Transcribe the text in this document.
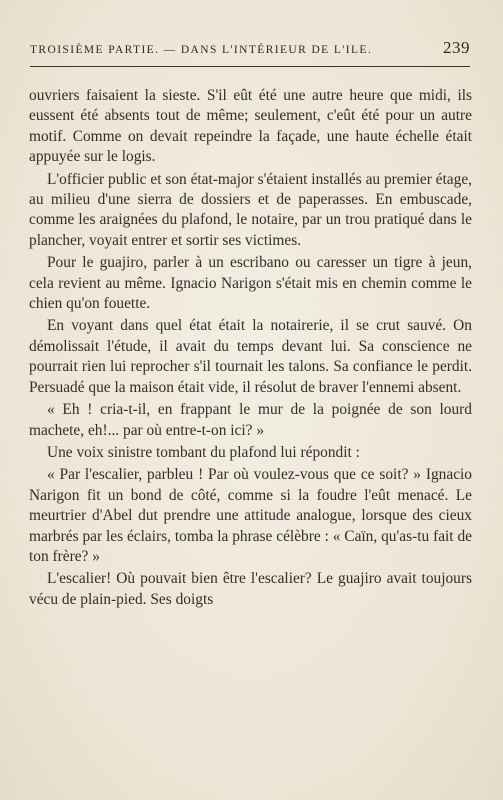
TROISIÈME PARTIE. — DANS L'INTÉRIEUR DE L'ILE.	239

ouvriers faisaient la sieste. S'il eût été une autre heure que midi, ils eussent été absents tout de même; seulement, c'eût été pour un autre motif. Comme on devait repeindre la façade, une haute échelle était appuyée sur le logis.

L'officier public et son état-major s'étaient installés au premier étage, au milieu d'une sierra de dossiers et de paperasses. En embuscade, comme les araignées du plafond, le notaire, par un trou pratiqué dans le plancher, voyait entrer et sortir ses victimes.

Pour le guajiro, parler à un escribano ou caresser un tigre à jeun, cela revient au même. Ignacio Narigon s'était mis en chemin comme le chien qu'on fouette.

En voyant dans quel état était la notairerie, il se crut sauvé. On démolissait l'étude, il avait du temps devant lui. Sa conscience ne pourrait rien lui reprocher s'il tournait les talons. Sa confiance le perdit. Persuadé que la maison était vide, il résolut de braver l'ennemi absent.

« Eh ! cria-t-il, en frappant le mur de la poignée de son lourd machete, eh!... par où entre-t-on ici? »

Une voix sinistre tombant du plafond lui répondit :

« Par l'escalier, parbleu ! Par où voulez-vous que ce soit? » Ignacio Narigon fit un bond de côté, comme si la foudre l'eût menacé. Le meurtrier d'Abel dut prendre une attitude analogue, lorsque des cieux marbrés par les éclairs, tomba la phrase célèbre : « Caïn, qu'as-tu fait de ton frère? »

L'escalier! Où pouvait bien être l'escalier? Le guajiro avait toujours vécu de plain-pied. Ses doigts
